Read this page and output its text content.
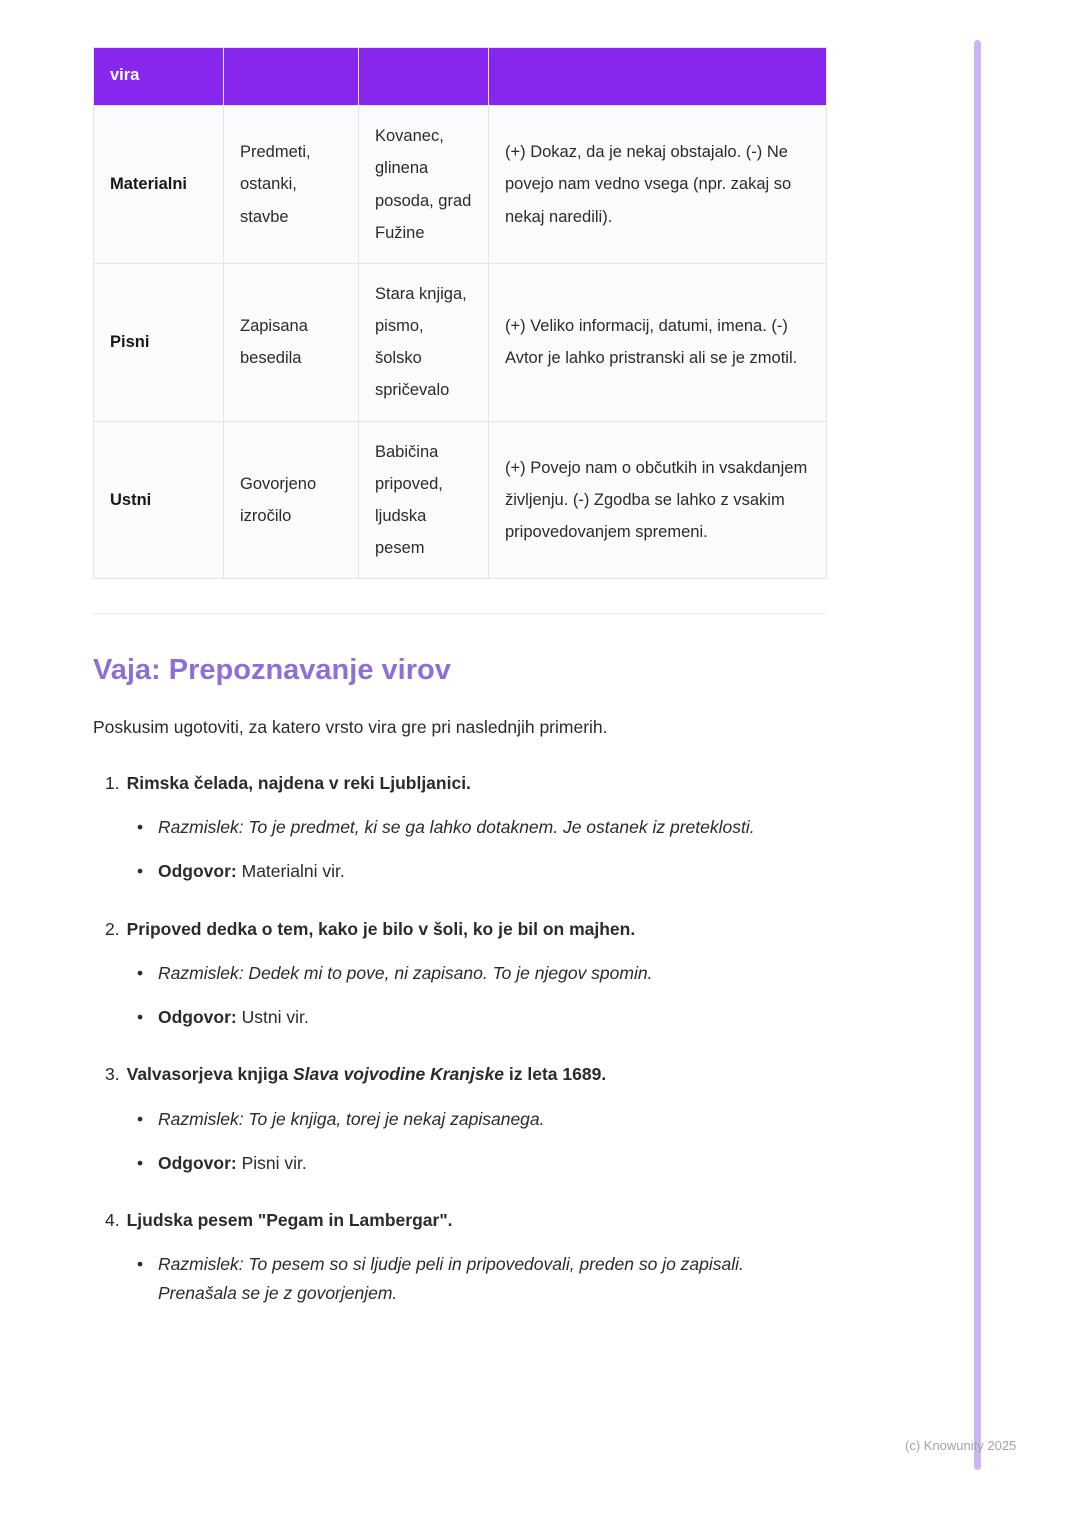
vira			
Materialni	Predmeti, ostanki, stavbe	Kovanec, glinena posoda, grad Fužine	(+) Dokaz, da je nekaj obstajalo. (-) Ne povejo nam vedno vsega (npr. zakaj so nekaj naredili).
Pisni	Zapisana besedila	Stara knjiga, pismo, šolsko spričevalo	(+) Veliko informacij, datumi, imena. (-) Avtor je lahko pristranski ali se je zmotil.
Ustni	Govorjeno izročilo	Babičina pripoved, ljudska pesem	(+) Povejo nam o občutkih in vsakdanjem življenju. (-) Zgodba se lahko z vsakim pripovedovanjem spremeni.
Vaja: Prepoznavanje virov

Poskusim ugotoviti, za katero vrsto vira gre pri naslednjih primerih.

1. Rimska čelada, najdena v reki Ljubljanici.
• Razmislek: To je predmet, ki se ga lahko dotaknem. Je ostanek iz preteklosti.
• Odgovor: Materialni vir.
2. Pripoved dedka o tem, kako je bilo v šoli, ko je bil on majhen.
• Razmislek: Dedek mi to pove, ni zapisano. To je njegov spomin.
• Odgovor: Ustni vir.
3. Valvasorjeva knjiga Slava vojvodine Kranjske iz leta 1689.
• Razmislek: To je knjiga, torej je nekaj zapisanega.
• Odgovor: Pisni vir.
4. Ljudska pesem "Pegam in Lambergar".
• Razmislek: To pesem so si ljudje peli in pripovedovali, preden so jo zapisali. Prenašala se je z govorjenjem.
(c) Knowunity 2025
